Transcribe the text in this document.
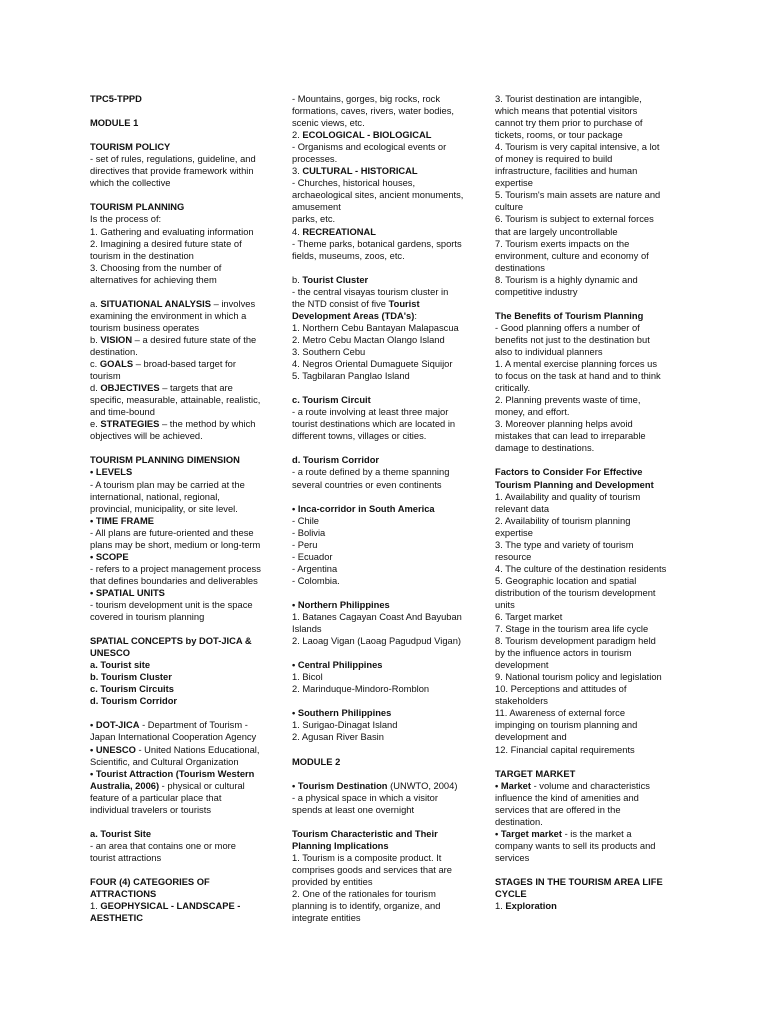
TPC5-TPPD
MODULE 1
TOURISM POLICY
- set of rules, regulations, guideline, and
directives that provide framework within
which the collective
TOURISM PLANNING
Is the process of:
1. Gathering and evaluating information
2. Imagining a desired future state of
tourism in the destination
3. Choosing from the number of
alternatives for achieving them
a. SITUATIONAL ANALYSIS – involves
examining the environment in which a
tourism business operates
b. VISION – a desired future state of the
destination.
c. GOALS – broad-based target for
tourism
d. OBJECTIVES – targets that are
specific, measurable, attainable, realistic,
and time-bound
e. STRATEGIES – the method by which
objectives will be achieved.
TOURISM PLANNING DIMENSION
• LEVELS
- A tourism plan may be carried at the
international, national, regional,
provincial, municipality, or site level.
• TIME FRAME
- All plans are future-oriented and these
plans may be short, medium or long-term
• SCOPE
- refers to a project management process
that defines boundaries and deliverables
• SPATIAL UNITS
- tourism development unit is the space
covered in tourism planning
SPATIAL CONCEPTS by DOT-JICA &
UNESCO
a. Tourist site
b. Tourism Cluster
c. Tourism Circuits
d. Tourism Corridor
• DOT-JICA - Department of Tourism -
Japan International Cooperation Agency
• UNESCO - United Nations Educational,
Scientific, and Cultural Organization
• Tourist Attraction (Tourism Western
Australia, 2006) - physical or cultural
feature of a particular place that
individual travelers or tourists
a. Tourist Site
- an area that contains one or more
tourist attractions
FOUR (4) CATEGORIES OF
ATTRACTIONS
1. GEOPHYSICAL - LANDSCAPE -
AESTHETIC
- Mountains, gorges, big rocks, rock
formations, caves, rivers, water bodies,
scenic views, etc.
2. ECOLOGICAL - BIOLOGICAL
- Organisms and ecological events or
processes.
3. CULTURAL - HISTORICAL
- Churches, historical houses,
archaeological sites, ancient monuments,
amusement
parks, etc.
4. RECREATIONAL
- Theme parks, botanical gardens, sports
fields, museums, zoos, etc.
b. Tourist Cluster
- the central visayas tourism cluster in
the NTD consist of five Tourist
Development Areas (TDA's):
1. Northern Cebu Bantayan Malapascua
2. Metro Cebu Mactan Olango Island
3. Southern Cebu
4. Negros Oriental Dumaguete Siquijor
5. Tagbilaran Panglao Island
c. Tourism Circuit
- a route involving at least three major
tourist destinations which are located in
different towns, villages or cities.
d. Tourism Corridor
- a route defined by a theme spanning
several countries or even continents
• Inca-corridor in South America
- Chile
- Bolivia
- Peru
- Ecuador
- Argentina
- Colombia.
• Northern Philippines
1. Batanes Cagayan Coast And Bayuban
Islands
2. Laoag Vigan (Laoag Pagudpud Vigan)
• Central Philippines
1. Bicol
2. Marinduque-Mindoro-Romblon
• Southern Philippines
1. Surigao-Dinagat Island
2. Agusan River Basin
MODULE 2
• Tourism Destination (UNWTO, 2004)
- a physical space in which a visitor
spends at least one overnight
Tourism Characteristic and Their
Planning Implications
1. Tourism is a composite product. It
comprises goods and services that are
provided by entities
2. One of the rationales for tourism
planning is to identify, organize, and
integrate entities
3. Tourist destination are intangible,
which means that potential visitors
cannot try them prior to purchase of
tickets, rooms, or tour package
4. Tourism is very capital intensive, a lot
of money is required to build
infrastructure, facilities and human
expertise
5. Tourism's main assets are nature and
culture
6. Tourism is subject to external forces
that are largely uncontrollable
7. Tourism exerts impacts on the
environment, culture and economy of
destinations
8. Tourism is a highly dynamic and
competitive industry
The Benefits of Tourism Planning
- Good planning offers a number of
benefits not just to the destination but
also to individual planners
1. A mental exercise planning forces us
to focus on the task at hand and to think
critically.
2. Planning prevents waste of time,
money, and effort.
3. Moreover planning helps avoid
mistakes that can lead to irreparable
damage to destinations.
Factors to Consider For Effective
Tourism Planning and Development
1. Availability and quality of tourism
relevant data
2. Availability of tourism planning
expertise
3. The type and variety of tourism
resource
4. The culture of the destination residents
5. Geographic location and spatial
distribution of the tourism development
units
6. Target market
7. Stage in the tourism area life cycle
8. Tourism development paradigm held
by the influence actors in tourism
development
9. National tourism policy and legislation
10. Perceptions and attitudes of
stakeholders
11. Awareness of external force
impinging on tourism planning and
development and
12. Financial capital requirements
TARGET MARKET
• Market - volume and characteristics
influence the kind of amenities and
services that are offered in the
destination.
• Target market - is the market a
company wants to sell its products and
services
STAGES IN THE TOURISM AREA LIFE
CYCLE
1. Exploration
